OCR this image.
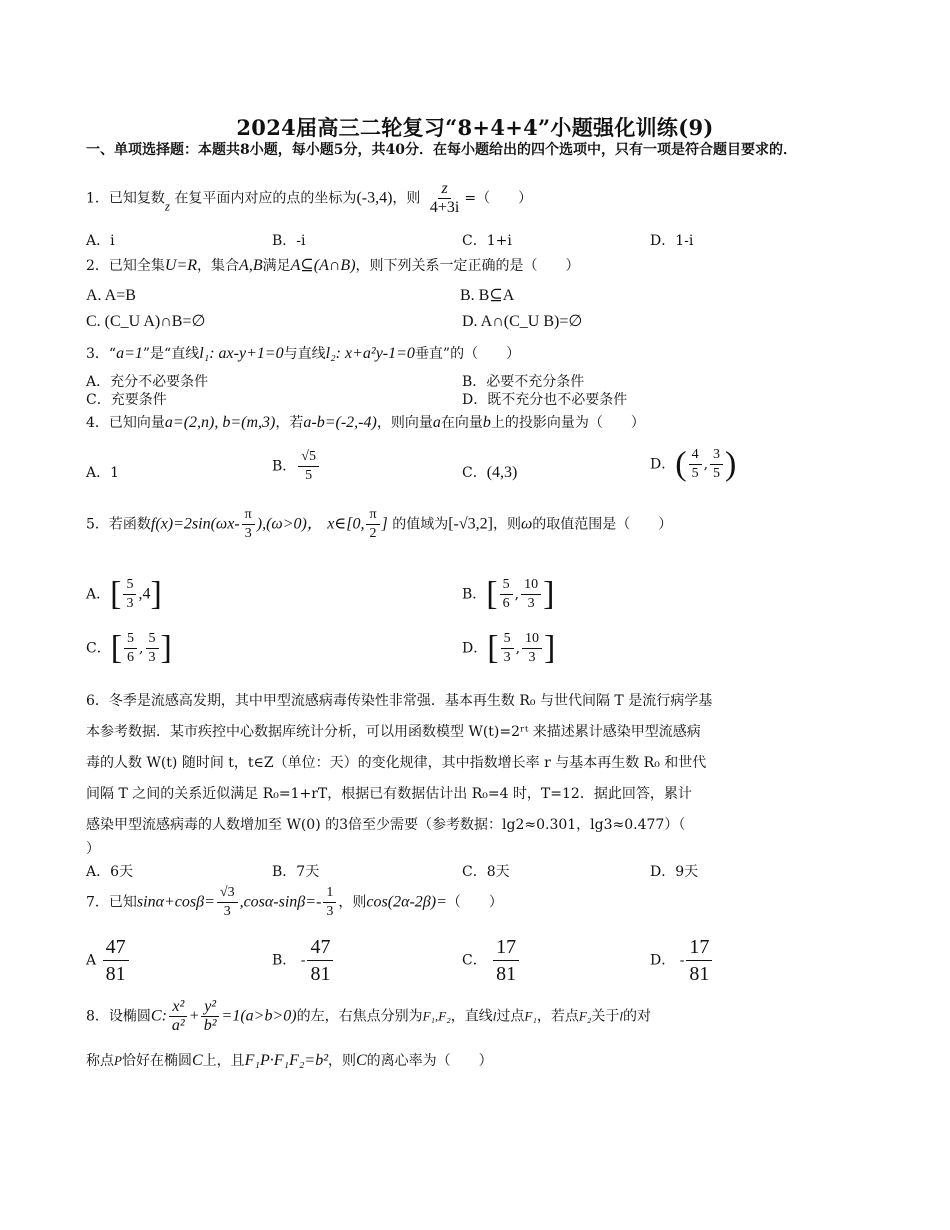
2024届高三二轮复习“8+4+4”小题强化训练(9)
一、单项选择题：本题共8小题，每小题5分，共40分．在每小题给出的四个选项中，只有一项是符合题目要求的．
1．已知复数z 在复平面内对应的点的坐标为(-3,4)，则 $\frac{z}{4+3i}$ =（　　）
A．i	B．-i	C．1+i	D．1-i
2．已知全集U=R，集合A,B满足A⊆(A∩B)，则下列关系一定正确的是（　　）
A. A=B	B. B⊆A
C. (C_U A)∩B=∅	D. A∩(C_U B)=∅
3．“a=1”是“直线l₁: ax-y+1=0与直线l₂: x+a²y-1=0垂直”的（　　）
A．充分不必要条件	B．必要不充分条件
C．充要条件	D．既不充分也不必要条件
4．已知向量a=(2,n), b=(m,3)，若a-b=(-2,-4)，则向量a在向量b上的投影向量为（　　）
A．1	B． $\frac{√5}{5}$	C．(4,3)	D．( $\frac{4}{5}$ , $\frac{3}{5}$ )
5．若函数$f(x)=2\sin(\omega x- \frac{\pi}{3} ),(\omega>0)$， x∈[0, $\frac{\pi}{2}$ ] 的值域为[-√3,2]，则ω的取值范围是（　　）
A．[ $\frac{5}{3} ,4$]	B．[ $\frac{5}{6}$ , $\frac{10}{3}$ ]
C．[ $\frac{5}{6}$ , $\frac{5}{3}$ ]	D．[ $\frac{5}{3}$ , $\frac{10}{3}$ ]
6．冬季是流感高发期，其中甲型流感病毒传染性非常强．基本再生数 R₀ 与世代间隔 T 是流行病学基
本参考数据．某市疾控中心数据库统计分析，可以用函数模型 W(t)=2ʳᵗ 来描述累计感染甲型流感病
毒的人数 W(t) 随时间 t，t∈Z（单位：天）的变化规律，其中指数增长率 r 与基本再生数 R₀ 和世代
间隔 T 之间的关系近似满足 R₀=1+rT，根据已有数据估计出 R₀=4 时，T=12．据此回答，累计
感染甲型流感病毒的人数增加至 W(0) 的3倍至少需要（参考数据：lg2≈0.301，lg3≈0.477）（
）
A．6天	B．7天	C．8天	D．9天
7．已知$\sin\alpha+\cos\beta= \frac{√3}{3} ,\cos\alpha-\sin\beta=- \frac{1}{3}$ ，则cos(2α-2β)=（　　）
A $\frac{47}{81}$	B． - $\frac{47}{81}$	C． $\frac{17}{81}$	D． - $\frac{17}{81}$
8．设椭圆C: $\frac{\text{x²}}{\text{a²}} + \frac{\text{y²}}{\text{b²}} =1(a>b>0)$的左，右焦点分别为F₁,F₂，直线l过点F₁，若点F₂关于l的对
称点P恰好在椭圆C上，且F₁P·F₁F₂=b²，则C的离心率为（　　）
